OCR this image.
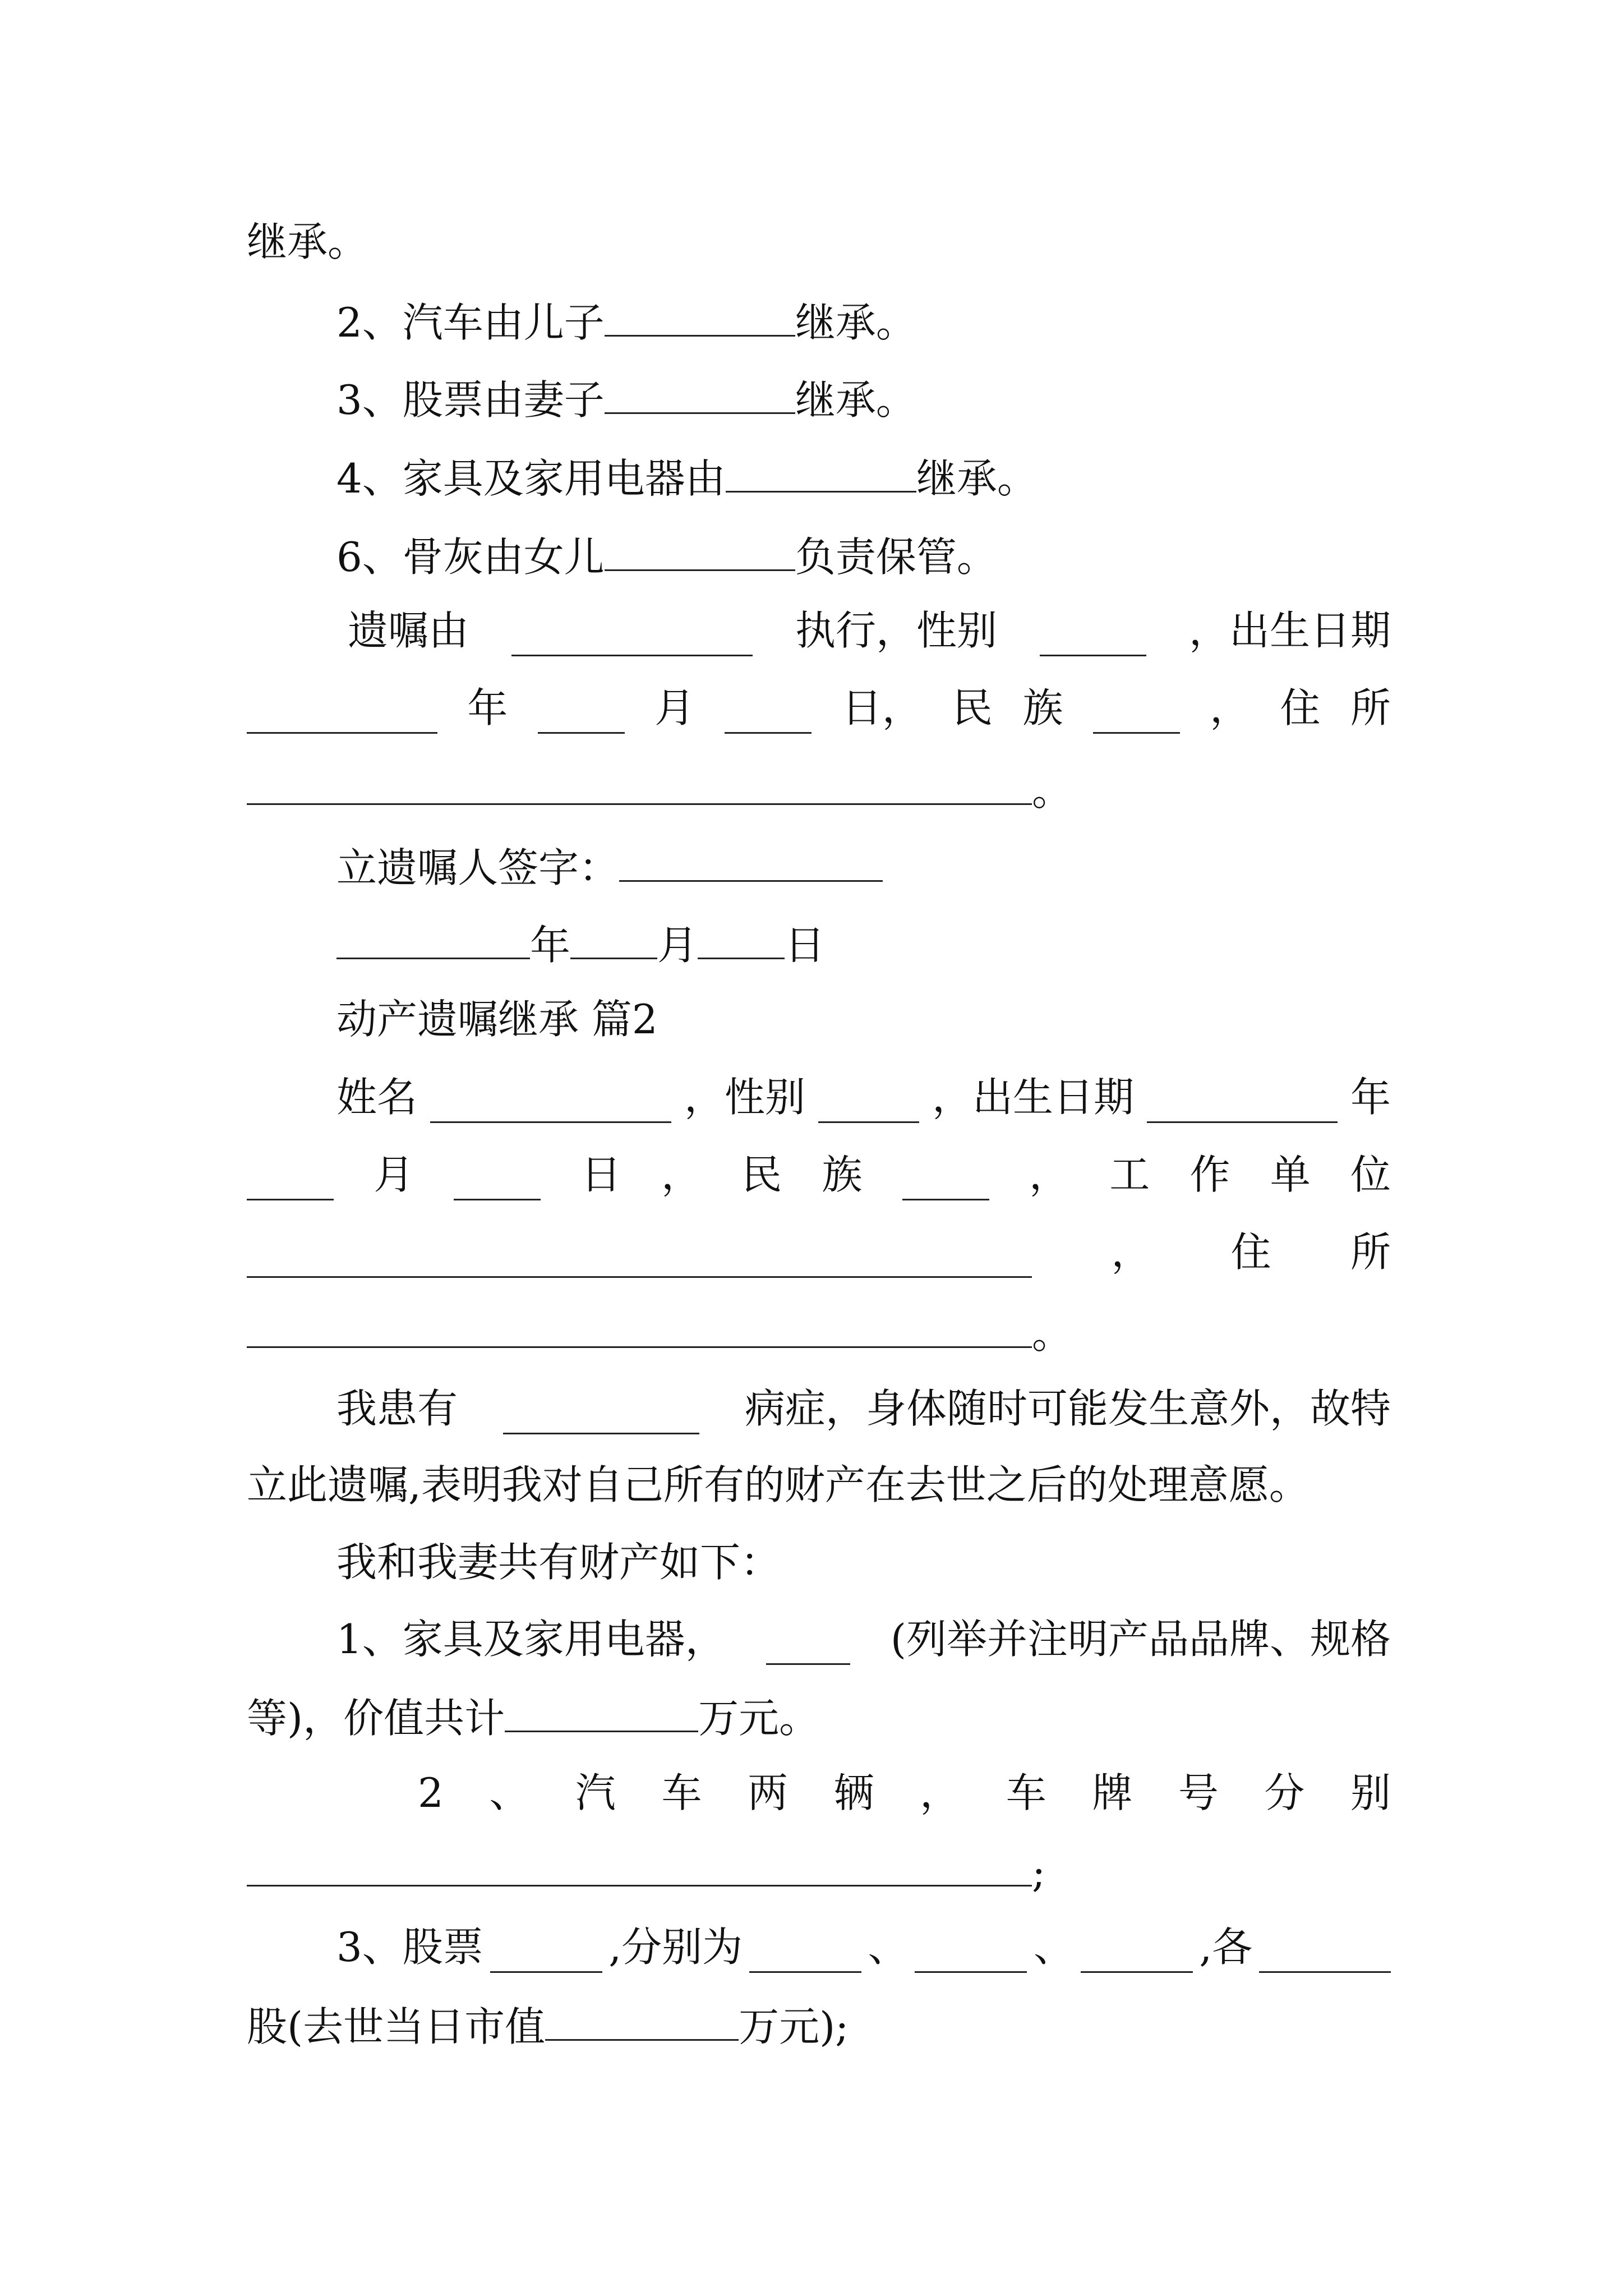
继承。
2、汽车由儿子	继承。
3、股票由妻子	继承。
4、家具及家用电器由	继承。
6、骨灰由女儿	负责保管。
遗嘱由	执行，性别	，出生日期
年	月	日， 民 族	， 住 所
。
立遗嘱人签字：
年 月 日
动产遗嘱继承 篇2
姓名	，性别	，出生日期	年
月	日 ， 民 族	， 工 作 单 位
， 住 所
。
我患有	病症，身体随时可能发生意外，故特
立此遗嘱,表明我对自己所有的财产在去世之后的处理意愿。
我和我妻共有财产如下：
1、家具及家用电器，	(列举并注明产品品牌、规格
等)，价值共计	万元。
2 、 汽 车 两 辆 ， 车 牌 号 分 别
;
3、股票	,分别为	、	、	,各
股(去世当日市值	万元);
